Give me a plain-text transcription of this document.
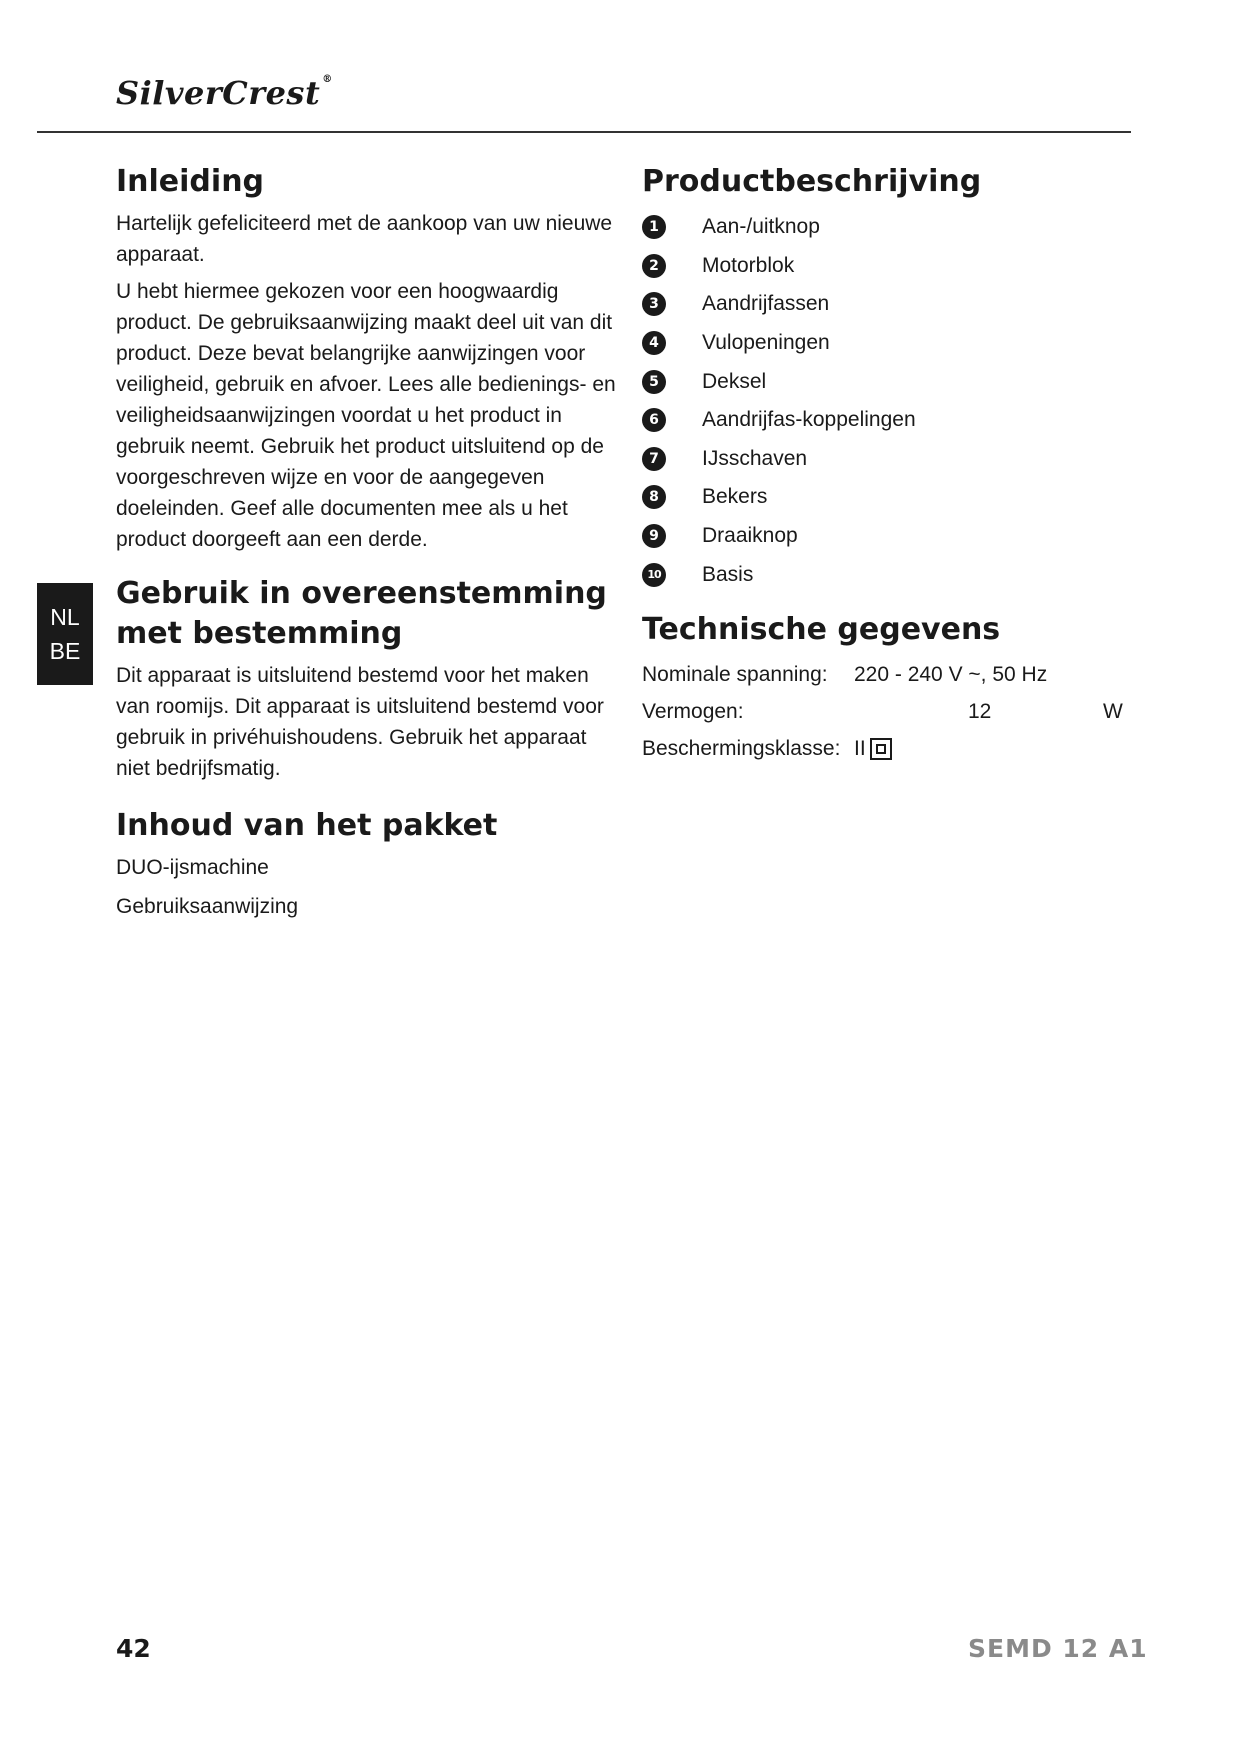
SilverCrest ®
NL
BE
Inleiding

Hartelijk gefeliciteerd met de aankoop van uw nieuwe apparaat.

U hebt hiermee gekozen voor een hoogwaardig product. De gebruiksaanwijzing maakt deel uit van dit product. Deze bevat belangrijke aanwijzingen voor veiligheid, gebruik en afvoer. Lees alle bedienings- en veiligheidsaanwijzingen voordat u het product in gebruik neemt. Gebruik het product uitsluitend op de voorgeschreven wijze en voor de aangegeven doeleinden. Geef alle documenten mee als u het product doorgeeft aan een derde.

Gebruik in overeenstemming met bestemming

Dit apparaat is uitsluitend bestemd voor het maken van roomijs. Dit apparaat is uitsluitend bestemd voor gebruik in privéhuishoudens. Gebruik het apparaat niet bedrijfsmatig.

Inhoud van het pakket

DUO-ijsmachine

Gebruiksaanwijzing

Productbeschrijving
1	Aan-/uitknop
2	Motorblok
3	Aandrijfassen
4	Vulopeningen
5	Deksel
6	Aandrijfas-koppelingen
7	IJsschaven
8	Bekers
9	Draaiknop
10 Basis
Technische gegevens
Nominale spanning:	220 - 240 V ~, 50 Hz
Vermogen:	12	W
Beschermingsklasse: II
42	SEMD 12 A1
